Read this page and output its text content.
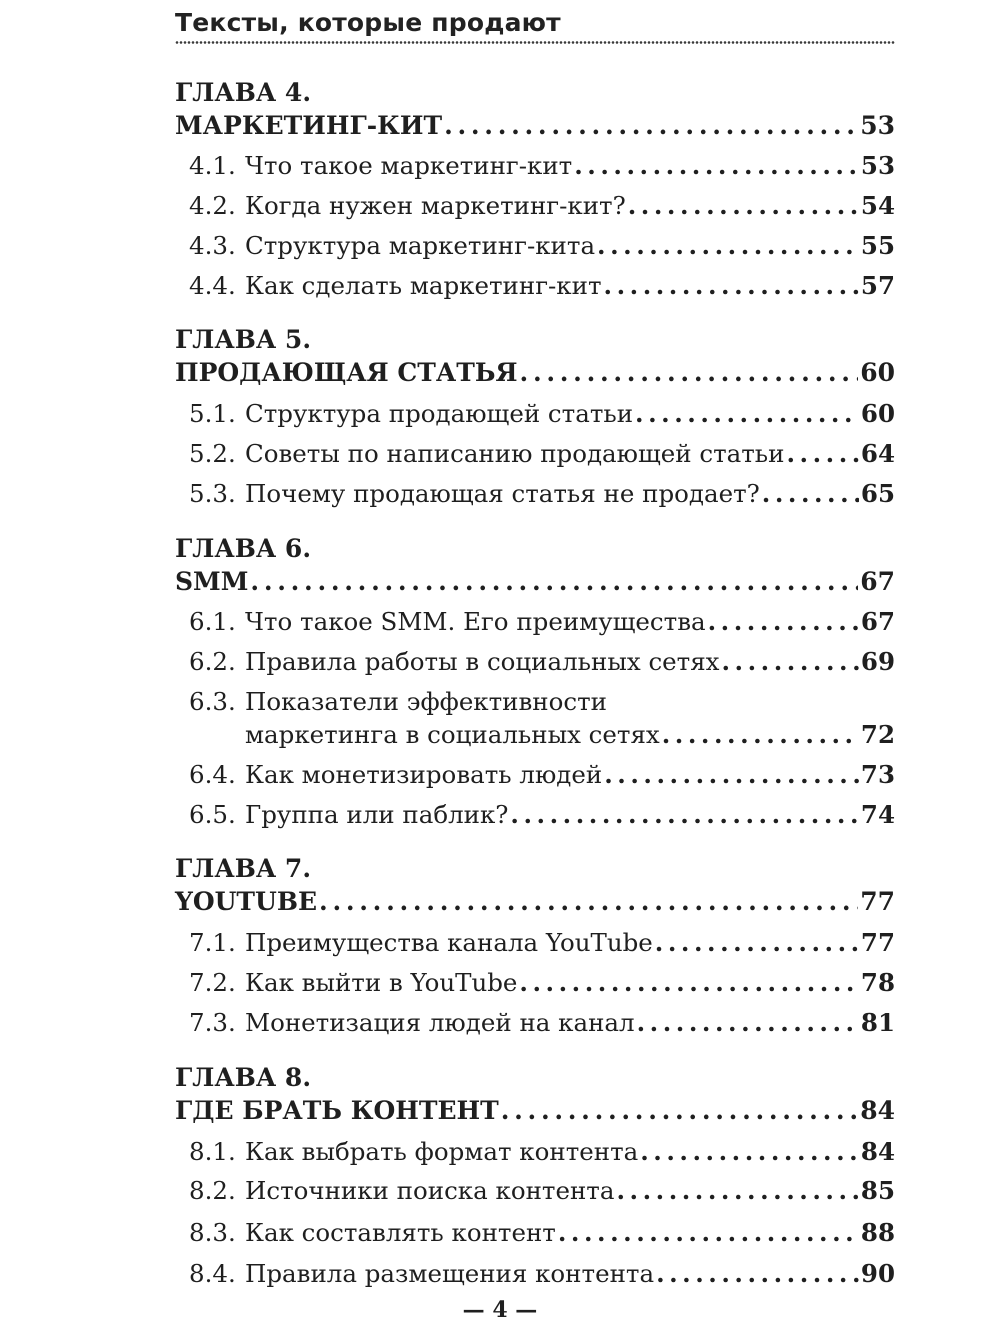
Тексты, которые продают
ГЛАВА 4.
МАРКЕТИНГ-КИТ . . .	53
4.1. Что такое маркетинг-кит . . .	53
4.2. Когда нужен маркетинг-кит? . . .	54
4.3. Структура маркетинг-кита . . .	55
4.4. Как сделать маркетинг-кит . . .	57
ГЛАВА 5.
ПРОДАЮЩАЯ СТАТЬЯ . . .	60
5.1. Структура продающей статьи . . .	60
5.2. Советы по написанию продающей статьи . . .	64
5.3. Почему продающая статья не продает? . . .	65
ГЛАВА 6.
SMM . . .	67
6.1. Что такое SMM. Его преимущества . . .	67
6.2. Правила работы в социальных сетях . . .	69
6.3. Показатели эффективности
маркетинга в социальных сетях . . .	72
6.4. Как монетизировать людей . . .	73
6.5. Группа или паблик? . . .	74
ГЛАВА 7.
YOUTUBE . . .	77
7.1. Преимущества канала YouTube . . .	77
7.2. Как выйти в YouTube . . .	78
7.3. Монетизация людей на канал . . .	81
ГЛАВА 8.
ГДЕ БРАТЬ КОНТЕНТ . . .	84
8.1. Как выбрать формат контента . . .	84
8.2. Источники поиска контента . . .	85
8.3. Как составлять контент . . .	88
8.4. Правила размещения контента . . .	90
— 4 —
